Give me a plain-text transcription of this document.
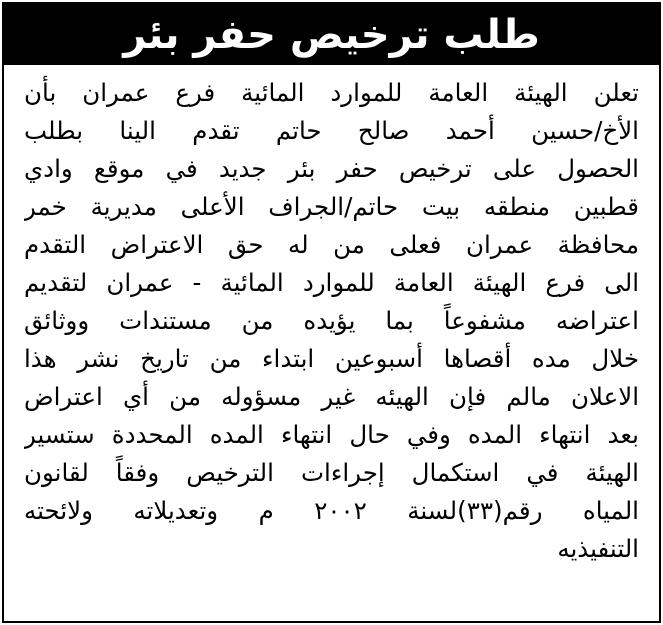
طلب ترخيص حفر بئر
تعلن الهيئة العامة للموارد المائية فرع عمران بأن
الأخ/حسين أحمد صالح حاتم تقدم الينا بطلب
الحصول على ترخيص حفر بئر جديد في موقع وادي
قطبين منطقه بيت حاتم/الجراف الأعلى مديرية خمر
محافظة عمران فعلى من له حق الاعتراض التقدم
الى فرع الهيئة العامة للموارد المائية - عمران لتقديم
اعتراضه مشفوعاً بما يؤيده من مستندات ووثائق
خلال مده أقصاها أسبوعين ابتداء من تاريخ نشر هذا
الاعلان مالم فإن الهيئه غير مسؤوله من أي اعتراض
بعد انتهاء المده وفي حال انتهاء المده المحددة ستسير
الهيئة في استكمال إجراءات الترخيص وفقاً لقانون
المياه رقم(٣٣)لسنة ٢٠٠٢ م وتعديلاته ولائحته
التنفيذيه
